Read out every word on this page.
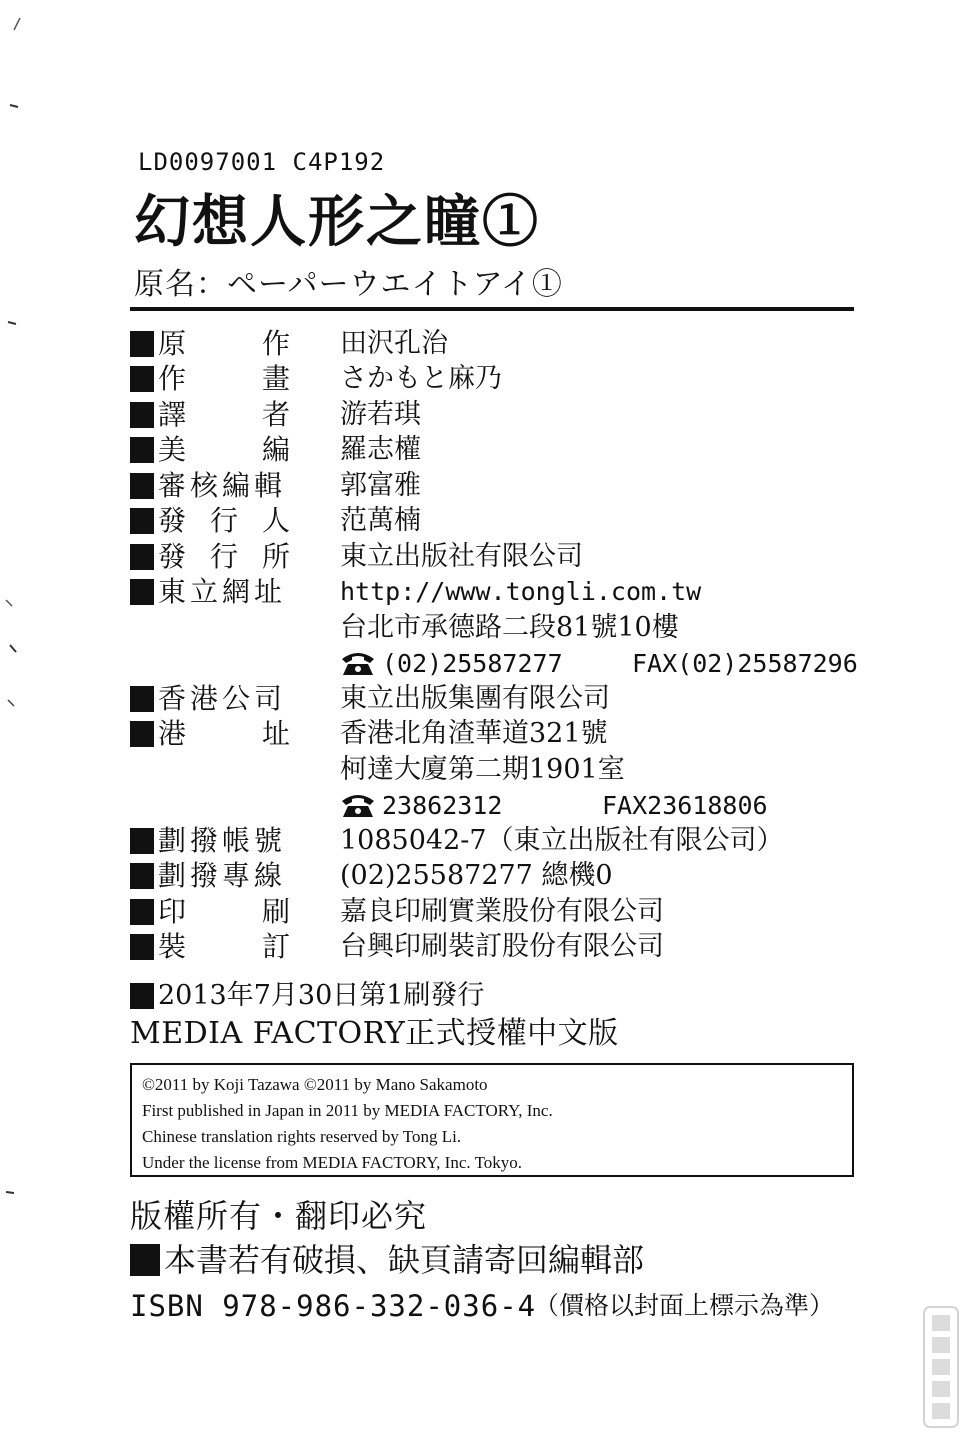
LD0097001 C4P192
幻想人形之瞳①
原名：ペーパーウエイトアイ①
原作 田沢孔治
作畫 さかもと麻乃
譯者 游若琪
美編 羅志權
審核編輯 郭富雅
發行人 范萬楠
發行所 東立出版社有限公司
東立網址 http://www.tongli.com.tw
台北市承德路二段81號10樓
(02)25587277	FAX(02)25587296
香港公司 東立出版集團有限公司
港址 香港北角渣華道321號
柯達大廈第二期1901室
23862312	FAX23618806
劃撥帳號 1085042-7（東立出版社有限公司）
劃撥專線 (02)25587277 總機0
印刷 嘉良印刷實業股份有限公司
裝訂 台興印刷裝訂股份有限公司
2013年7月30日第1刷發行
MEDIA FACTORY正式授權中文版
©2011 by Koji Tazawa ©2011 by Mano Sakamoto
First published in Japan in 2011 by MEDIA FACTORY, Inc.
Chinese translation rights reserved by Tong Li.
Under the license from MEDIA FACTORY, Inc. Tokyo.
版權所有・翻印必究
本書若有破損、缺頁請寄回編輯部
ISBN 978-986-332-036-4
（價格以封面上標示為準）
